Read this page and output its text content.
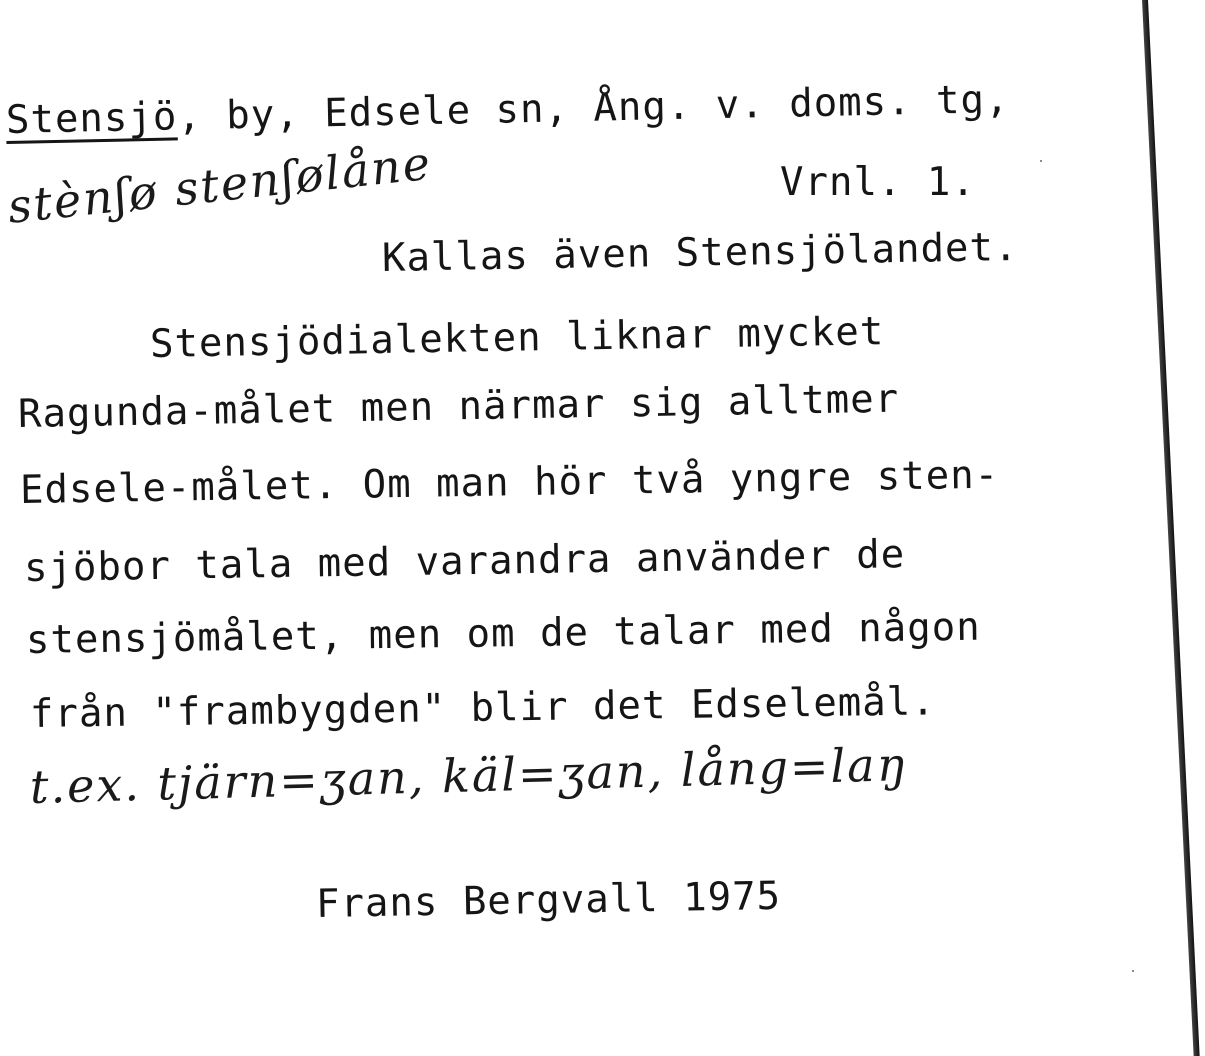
Stensjö, by, Edsele sn, Ång. v. doms. tg,
Vrnl. 1.
stènʃø stenʃølåne
Kallas även Stensjölandet.
Stensjödialekten liknar mycket
Ragunda-målet men närmar sig alltmer
Edsele-målet. Om man hör två yngre sten-
sjöbor tala med varandra använder de
stensjömålet, men om de talar med någon
från "frambygden" blir det Edselemål.
t.ex. tjärn=ʒan, käl=ʒan, lång=laŋ
Frans Bergvall 1975
